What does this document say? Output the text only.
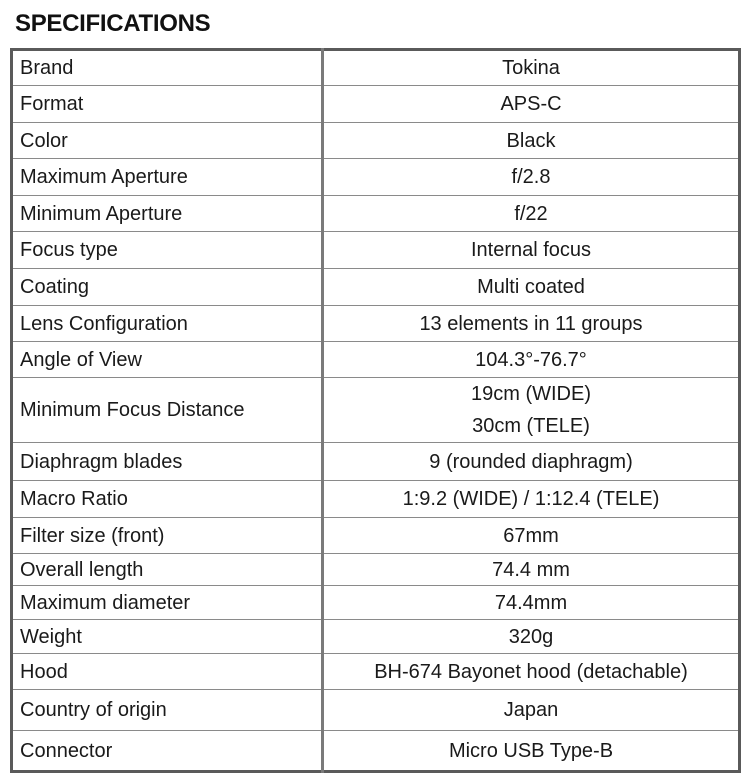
SPECIFICATIONS
Brand	Tokina
Format	APS-C
Color	Black
Maximum Aperture	f/2.8
Minimum Aperture	f/22
Focus type	Internal focus
Coating	Multi coated
Lens Configuration	13 elements in 11 groups
Angle of View	104.3°-76.7°
Minimum Focus Distance	19cm (WIDE)
30cm (TELE)

Diaphragm blades	9 (rounded diaphragm)
Macro Ratio	1:9.2 (WIDE) / 1:12.4 (TELE)
Filter size (front)	67mm
Overall length	74.4 mm
Maximum diameter	74.4mm
Weight	320g
Hood	BH-674 Bayonet hood (detachable)
Country of origin	Japan
Connector	Micro USB Type-B
